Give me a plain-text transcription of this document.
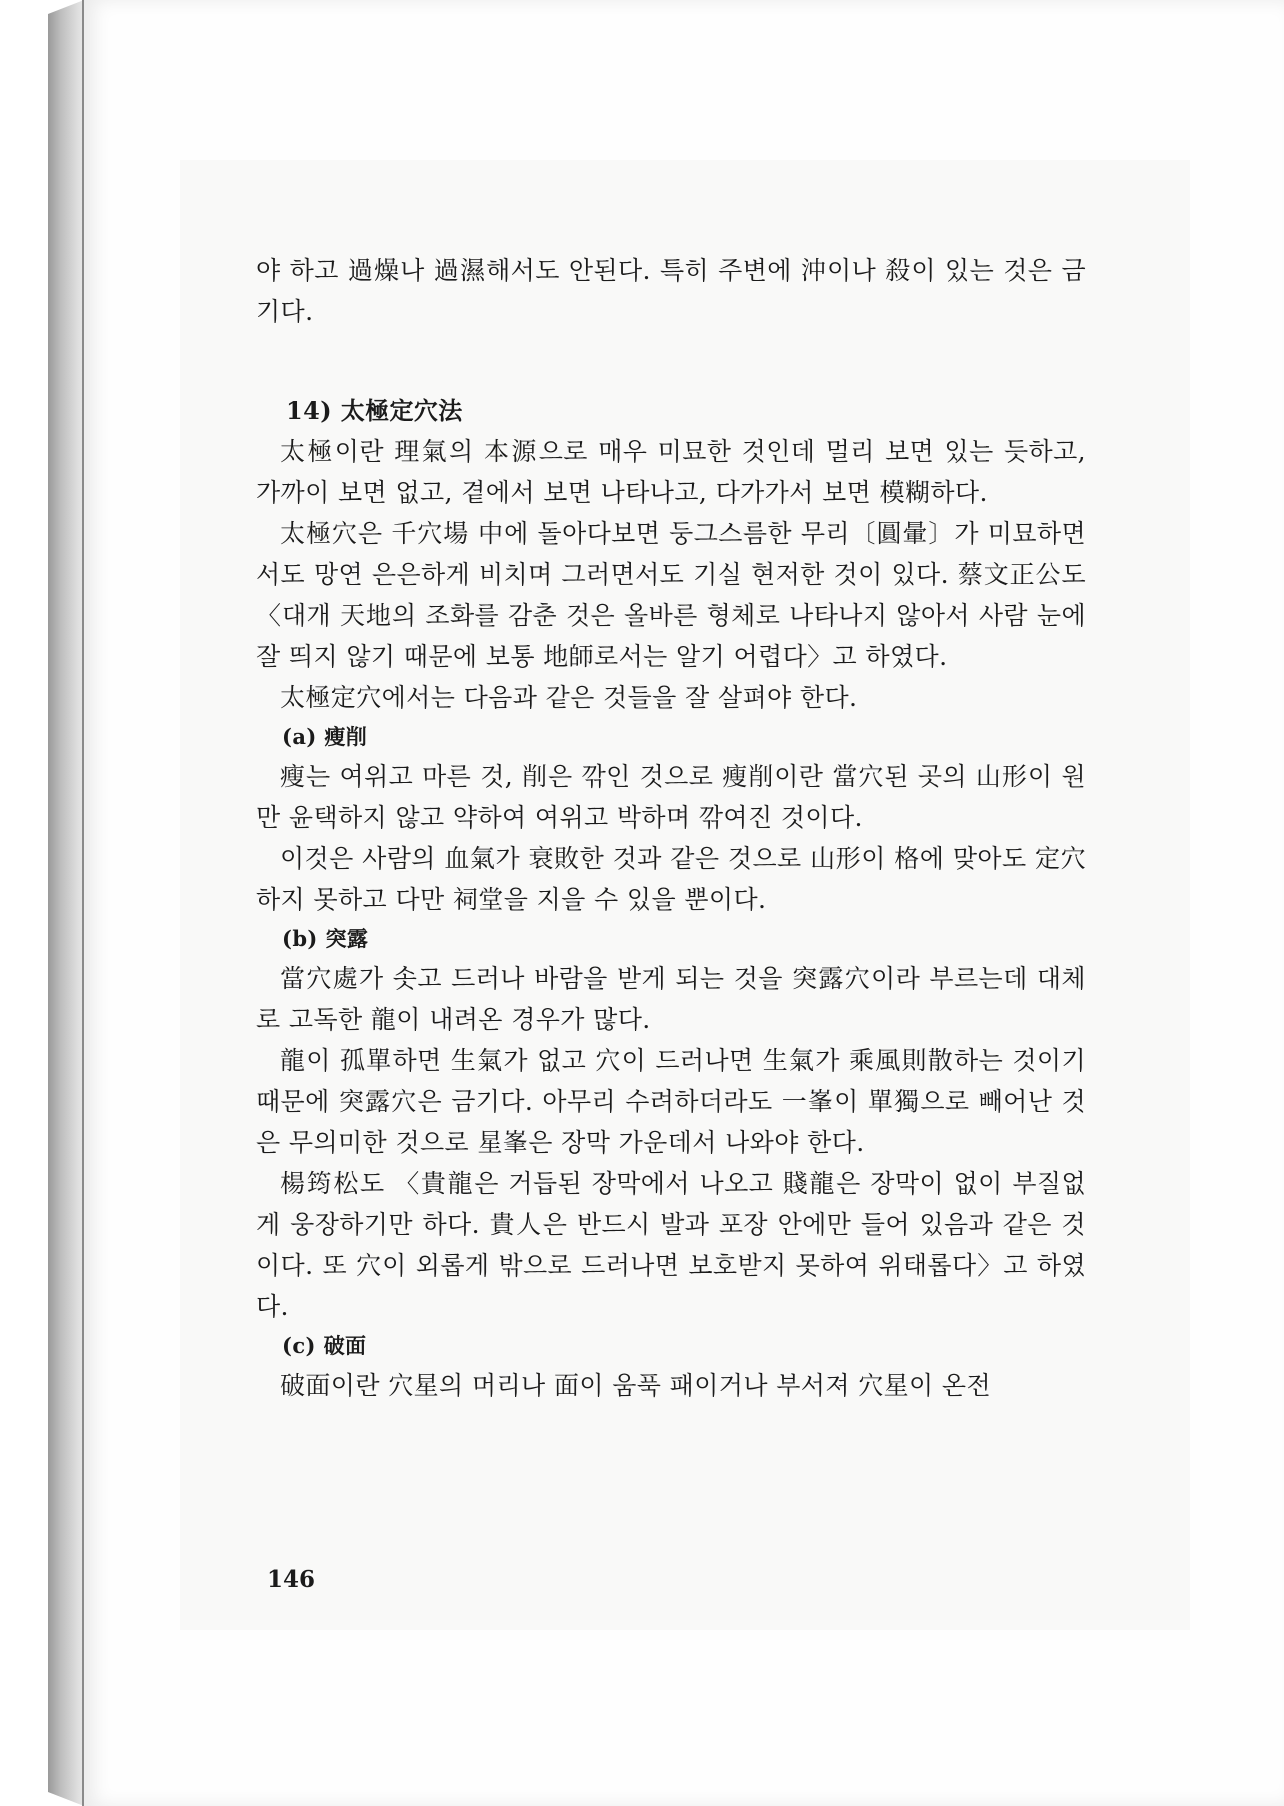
야 하고 過燥나 過濕해서도 안된다. 특히 주변에 沖이나 殺이 있는 것은 금기다.

14) 太極定穴法

太極이란 理氣의 本源으로 매우 미묘한 것인데 멀리 보면 있는 듯하고, 가까이 보면 없고, 곁에서 보면 나타나고, 다가가서 보면 模糊하다.

太極穴은 千穴場 中에 돌아다보면 둥그스름한 무리〔圓暈〕가 미묘하면서도 망연 은은하게 비치며 그러면서도 기실 현저한 것이 있다. 蔡文正公도 〈대개 天地의 조화를 감춘 것은 올바른 형체로 나타나지 않아서 사람 눈에 잘 띄지 않기 때문에 보통 地師로서는 알기 어렵다〉고 하였다.

太極定穴에서는 다음과 같은 것들을 잘 살펴야 한다.

(a) 瘦削

瘦는 여위고 마른 것, 削은 깎인 것으로 瘦削이란 當穴된 곳의 山形이 원만 윤택하지 않고 약하여 여위고 박하며 깎여진 것이다.

이것은 사람의 血氣가 衰敗한 것과 같은 것으로 山形이 格에 맞아도 定穴하지 못하고 다만 祠堂을 지을 수 있을 뿐이다.

(b) 突露

當穴處가 솟고 드러나 바람을 받게 되는 것을 突露穴이라 부르는데 대체로 고독한 龍이 내려온 경우가 많다.

龍이 孤單하면 生氣가 없고 穴이 드러나면 生氣가 乘風則散하는 것이기 때문에 突露穴은 금기다. 아무리 수려하더라도 一峯이 單獨으로 빼어난 것은 무의미한 것으로 星峯은 장막 가운데서 나와야 한다.

楊筠松도 〈貴龍은 거듭된 장막에서 나오고 賤龍은 장막이 없이 부질없게 웅장하기만 하다. 貴人은 반드시 발과 포장 안에만 들어 있음과 같은 것이다. 또 穴이 외롭게 밖으로 드러나면 보호받지 못하여 위태롭다〉고 하였다.

(c) 破面

破面이란 穴星의 머리나 面이 움푹 패이거나 부서져 穴星이 온전

146
